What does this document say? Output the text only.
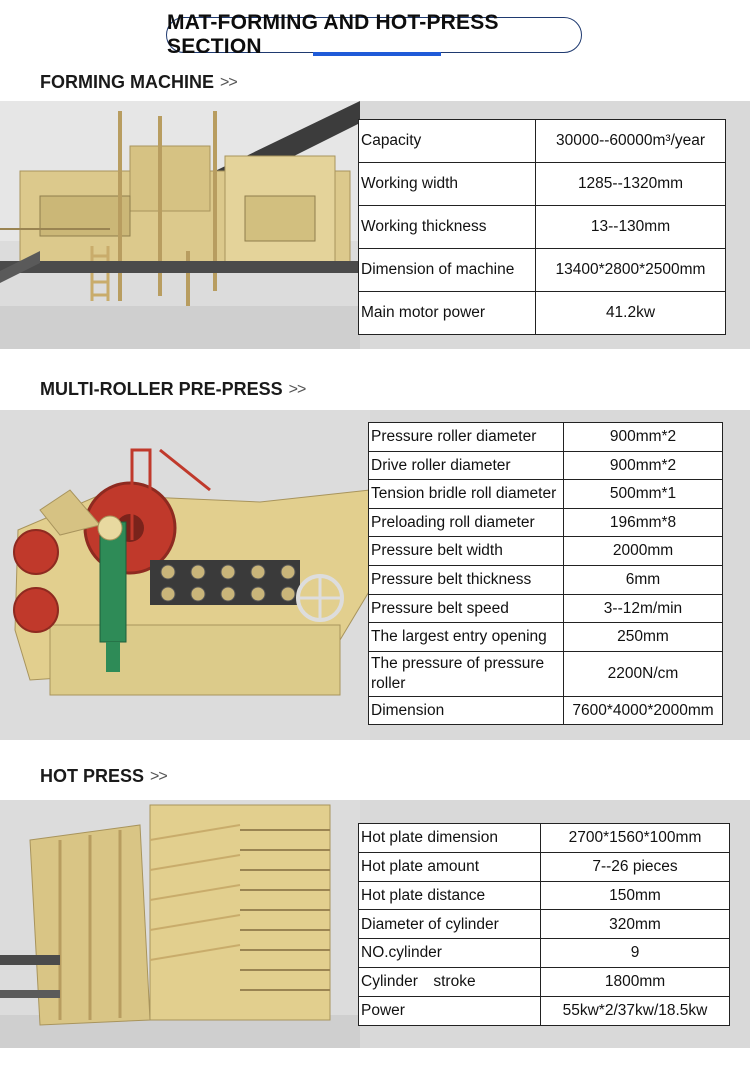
MAT-FORMING AND HOT-PRESS SECTION
FORMING MACHINE >>
Capacity	30000--60000m³/year
Working width	1285--1320mm
Working thickness	13--130mm
Dimension of machine	13400*2800*2500mm
Main motor power	41.2kw
MULTI-ROLLER PRE-PRESS >>
Pressure roller diameter	900mm*2
Drive roller diameter	900mm*2
Tension bridle roll diameter	500mm*1
Preloading roll diameter	196mm*8
Pressure belt width	2000mm
Pressure belt thickness	6mm
Pressure belt speed	3--12m/min
The largest entry opening	250mm
The pressure of pressure roller	2200N/cm
Dimension	7600*4000*2000mm
HOT PRESS >>
Hot plate dimension	2700*1560*100mm
Hot plate amount	7--26 pieces
Hot plate distance	150mm
Diameter of cylinder	320mm
NO.cylinder	9
Cylinder　stroke	1800mm
Power	55kw*2/37kw/18.5kw
